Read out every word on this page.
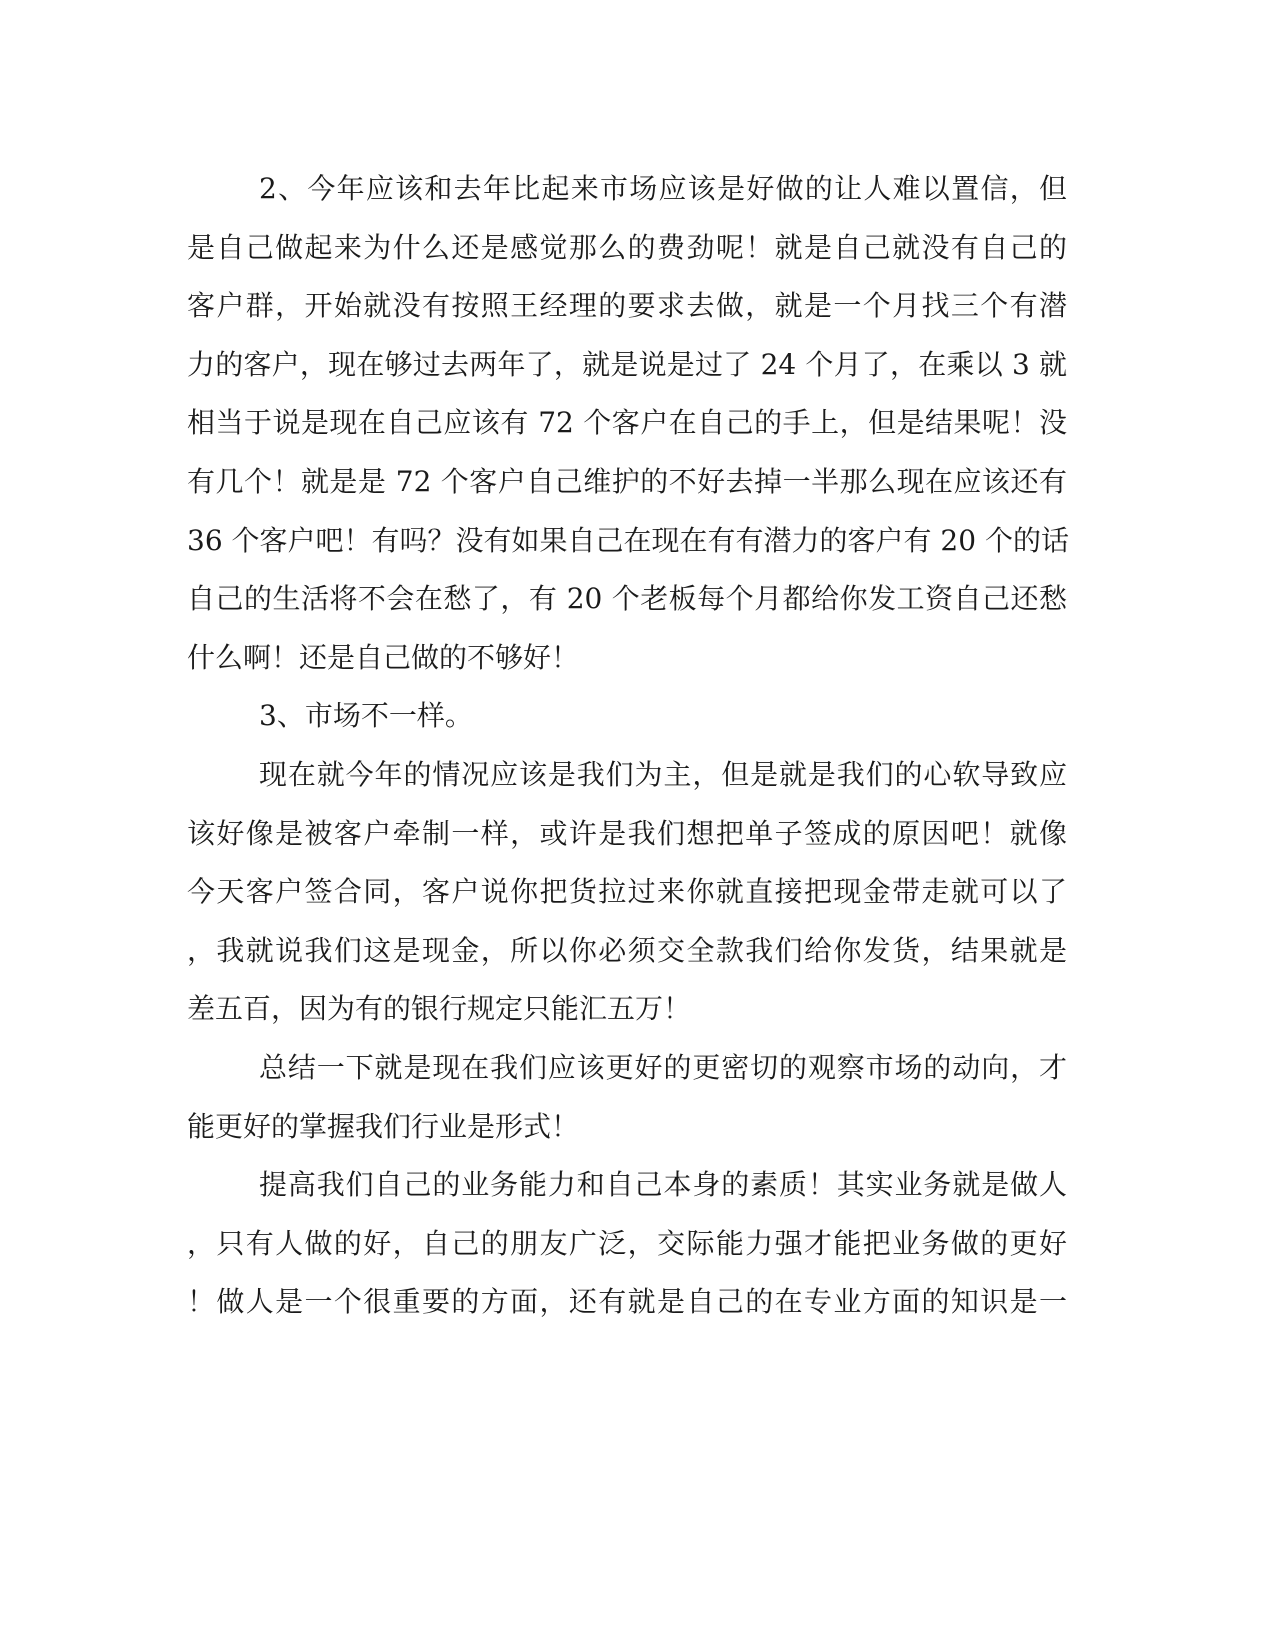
2、今年应该和去年比起来市场应该是好做的让人难以置信，但
是自己做起来为什么还是感觉那么的费劲呢！就是自己就没有自己的
客户群，开始就没有按照王经理的要求去做，就是一个月找三个有潜
力的客户，现在够过去两年了，就是说是过了 24 个月了，在乘以 3 就
相当于说是现在自己应该有 72 个客户在自己的手上，但是结果呢！没
有几个！就是是 72 个客户自己维护的不好去掉一半那么现在应该还有
36 个客户吧！有吗？没有如果自己在现在有有潜力的客户有 20 个的话
自己的生活将不会在愁了，有 20 个老板每个月都给你发工资自己还愁
什么啊！还是自己做的不够好！
3、市场不一样。
现在就今年的情况应该是我们为主，但是就是我们的心软导致应
该好像是被客户牵制一样，或许是我们想把单子签成的原因吧！就像
今天客户签合同，客户说你把货拉过来你就直接把现金带走就可以了
，我就说我们这是现金，所以你必须交全款我们给你发货，结果就是
差五百，因为有的银行规定只能汇五万！
总结一下就是现在我们应该更好的更密切的观察市场的动向，才
能更好的掌握我们行业是形式！
提高我们自己的业务能力和自己本身的素质！其实业务就是做人
，只有人做的好，自己的朋友广泛，交际能力强才能把业务做的更好
！做人是一个很重要的方面，还有就是自己的在专业方面的知识是一
